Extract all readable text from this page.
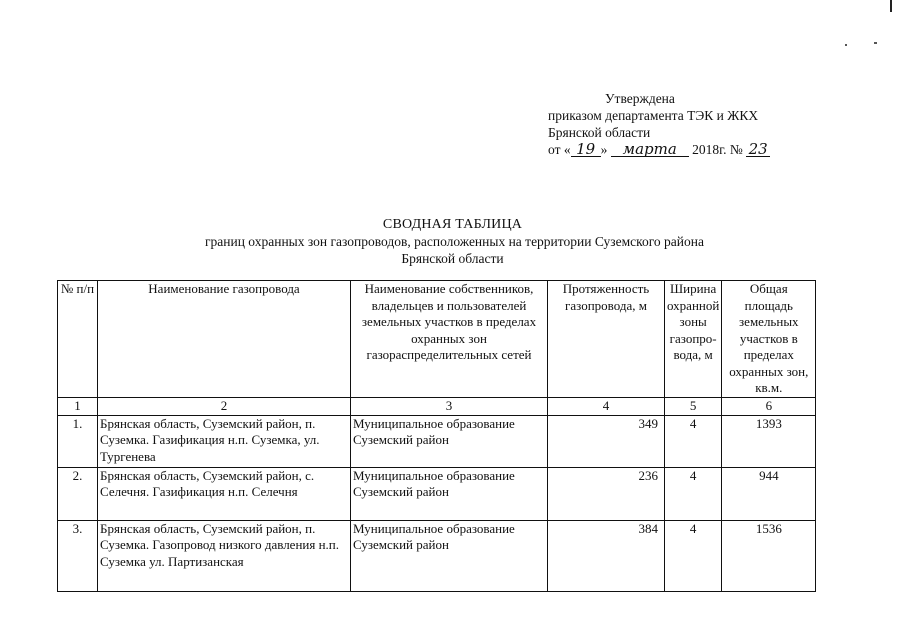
Утверждена
приказом департамента ТЭК и ЖКХ
Брянской области
от « 19 » марта 2018г. № 23
СВОДНАЯ ТАБЛИЦА
границ охранных зон газопроводов, расположенных на территории Суземского района
Брянской области
№ п/п	Наименование газопровода	Наименование собственников, владельцев и пользователей земельных участков в пределах охранных зон газораспределительных сетей	Протяженность газопровода, м	Ширина охранной зоны газопро-вода, м	Общая площадь земельных участков в пределах охранных зон, кв.м.
1	2	3	4	5	6
1.	Брянская область, Суземский район, п. Суземка. Газификация н.п. Суземка, ул. Тургенева	Муниципальное образование Суземский район	349	4	1393
2.	Брянская область, Суземский район, с. Селечня. Газификация н.п. Селечня	Муниципальное образование Суземский район	236	4	944
3.	Брянская область, Суземский район, п. Суземка. Газопровод низкого давления н.п. Суземка ул. Партизанская	Муниципальное образование Суземский район	384	4	1536
